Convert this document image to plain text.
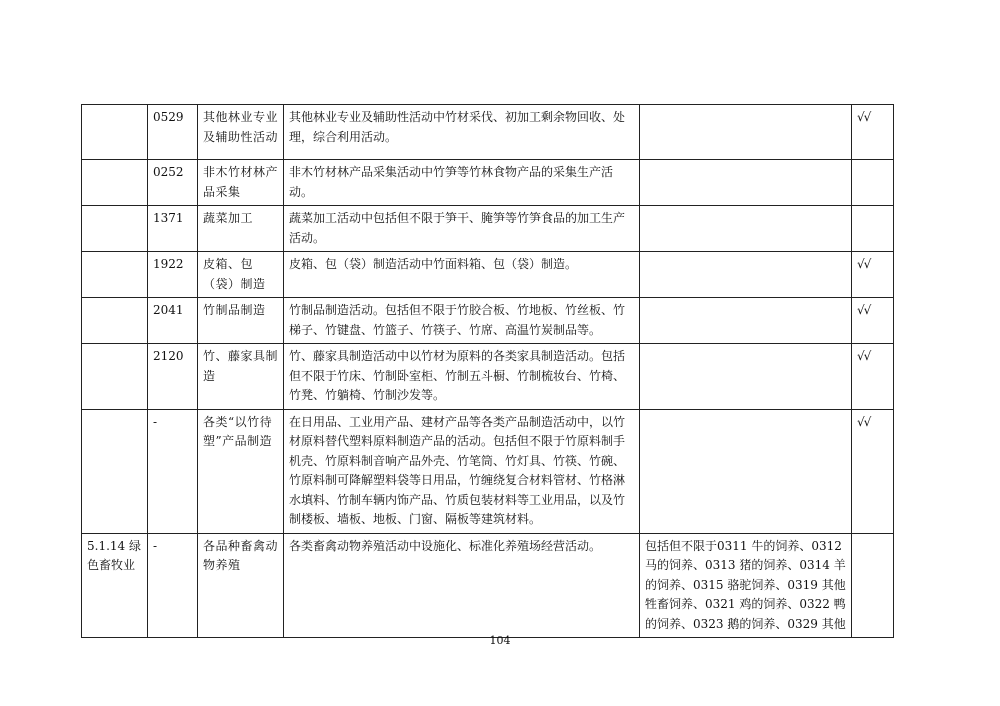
	0529	其他林业专业及辅助性活动	其他林业专业及辅助性活动中竹材采伐、初加工剩余物回收、处理，综合利用活动。		√√
	0252	非木竹材林产品采集	非木竹材林产品采集活动中竹笋等竹林食物产品的采集生产活动。		
	1371	蔬菜加工	蔬菜加工活动中包括但不限于笋干、腌笋等竹笋食品的加工生产活动。		
	1922	皮箱、包（袋）制造	皮箱、包（袋）制造活动中竹面料箱、包（袋）制造。		√√
	2041	竹制品制造	竹制品制造活动。包括但不限于竹胶合板、竹地板、竹丝板、竹梯子、竹键盘、竹篮子、竹筷子、竹席、高温竹炭制品等。		√√
	2120	竹、藤家具制造	竹、藤家具制造活动中以竹材为原料的各类家具制造活动。包括但不限于竹床、竹制卧室柜、竹制五斗橱、竹制梳妆台、竹椅、竹凳、竹躺椅、竹制沙发等。		√√
	-	各类“以竹待塑”产品制造	在日用品、工业用产品、建材产品等各类产品制造活动中，以竹材原料替代塑料原料制造产品的活动。包括但不限于竹原料制手机壳、竹原料制音响产品外壳、竹笔筒、竹灯具、竹筷、竹碗、竹原料制可降解塑料袋等日用品，竹缠绕复合材料管材、竹格淋水填料、竹制车辆内饰产品、竹质包装材料等工业用品，以及竹制楼板、墙板、地板、门窗、隔板等建筑材料。		√√
5.1.14 绿色畜牧业	-	各品种畜禽动物养殖	各类畜禽动物养殖活动中设施化、标准化养殖场经营活动。	包括但不限于0311 牛的饲养、0312 马的饲养、0313 猪的饲养、0314 羊的饲养、0315 骆驼饲养、0319 其他牲畜饲养、0321 鸡的饲养、0322 鸭的饲养、0323 鹅的饲养、0329 其他	
104
